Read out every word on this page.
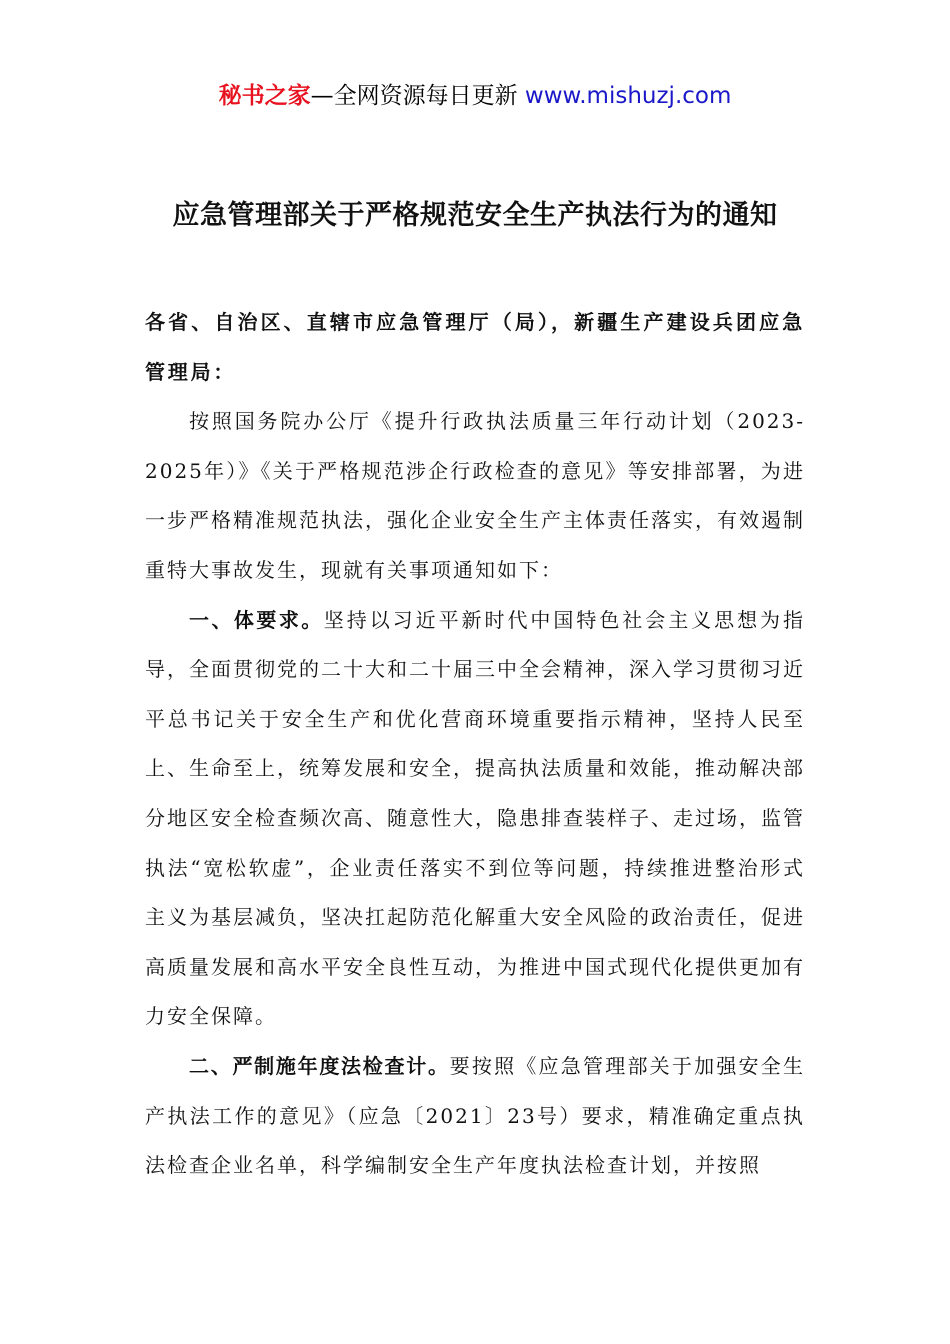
秘书之家—全网资源每日更新 www.mishuzj.com
应急管理部关于严格规范安全生产执法行为的通知

各省、自治区、直辖市应急管理厅（局），新疆生产建设兵团应急管理局：

按照国务院办公厅《提升行政执法质量三年行动计划（2023-2025年）》《关于严格规范涉企行政检查的意见》等安排部署，为进一步严格精准规范执法，强化企业安全生产主体责任落实，有效遏制重特大事故发生，现就有关事项通知如下：

一、体要求。坚持以习近平新时代中国特色社会主义思想为指导，全面贯彻党的二十大和二十届三中全会精神，深入学习贯彻习近平总书记关于安全生产和优化营商环境重要指示精神，坚持人民至上、生命至上，统筹发展和安全，提高执法质量和效能，推动解决部分地区安全检查频次高、随意性大，隐患排查装样子、走过场，监管执法“宽松软虚”，企业责任落实不到位等问题，持续推进整治形式主义为基层减负，坚决扛起防范化解重大安全风险的政治责任，促进高质量发展和高水平安全良性互动，为推进中国式现代化提供更加有力安全保障。

二、严制施年度法检查计。要按照《应急管理部关于加强安全生产执法工作的意见》（应急〔2021〕23号）要求，精准确定重点执法检查企业名单，科学编制安全生产年度执法检查计划，并按照
